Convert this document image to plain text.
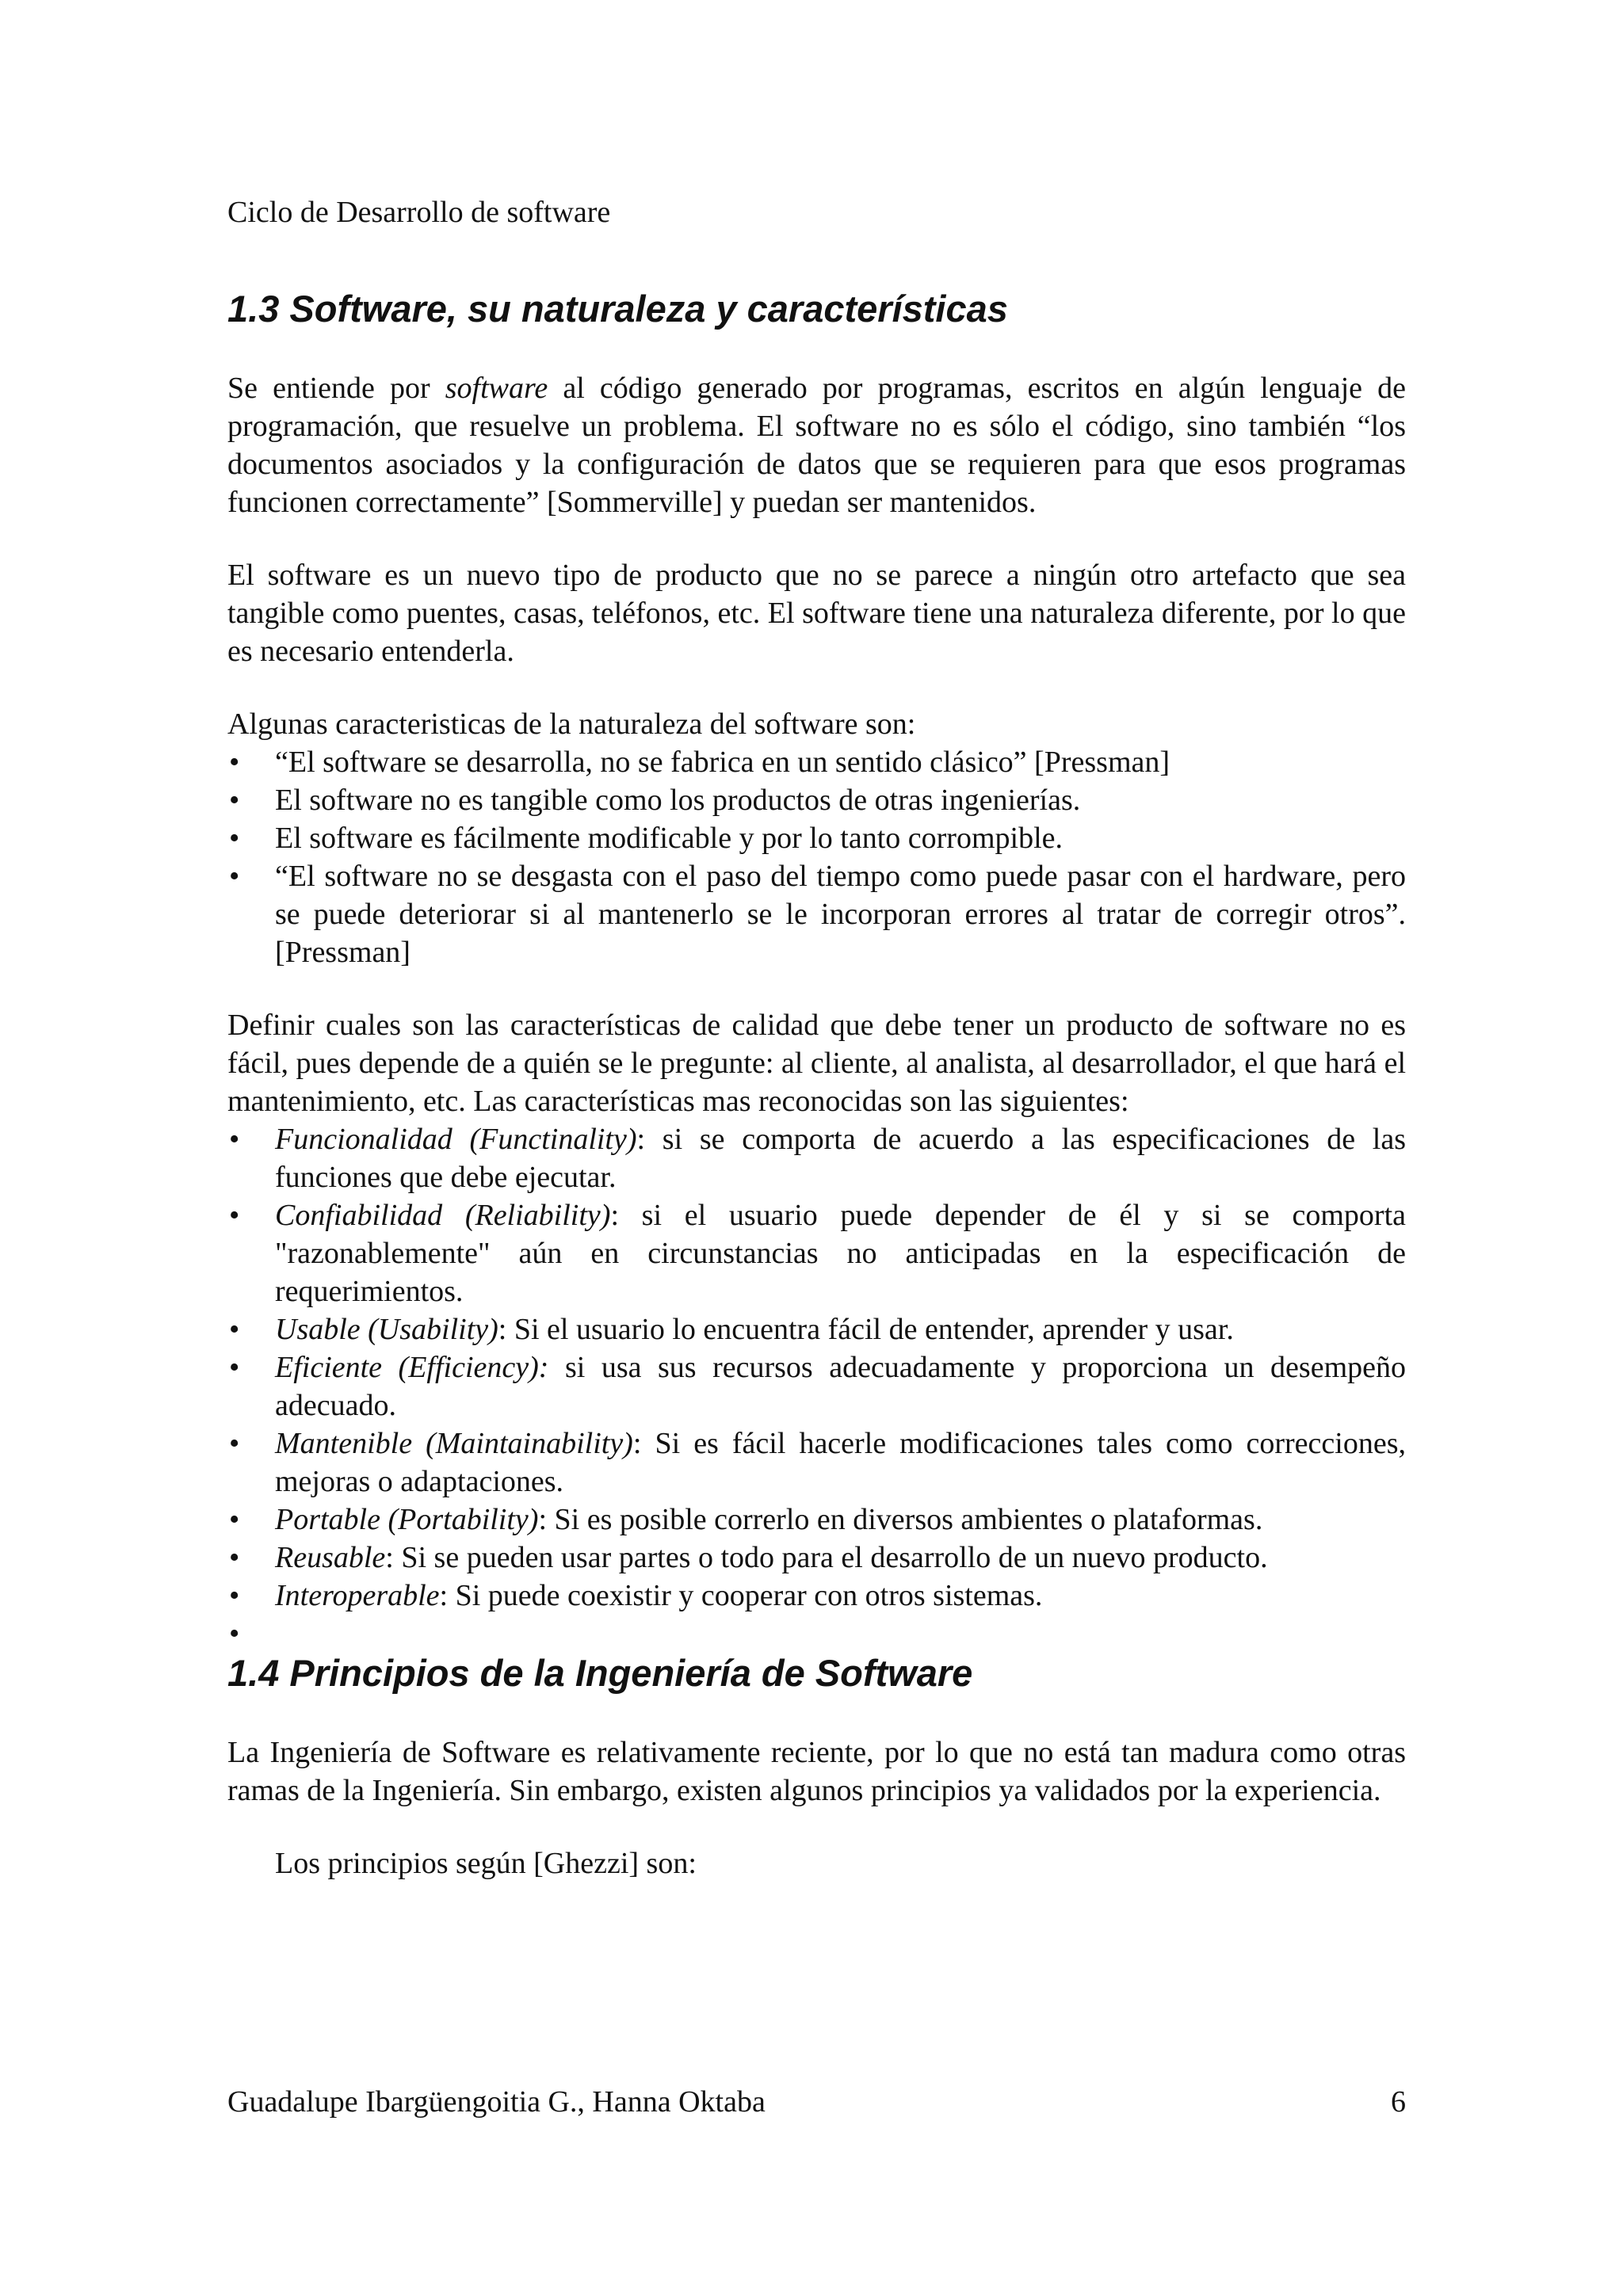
Ciclo de Desarrollo de software
1.3 Software, su naturaleza y características

Se entiende por software al código generado por programas, escritos en algún lenguaje de programación, que resuelve un problema. El software no es sólo el código, sino también “los documentos asociados y la configuración de datos que se requieren para que esos programas funcionen correctamente” [Sommerville] y puedan ser mantenidos.

El software es un nuevo tipo de producto que no se parece a ningún otro artefacto que sea tangible como puentes, casas, teléfonos, etc. El software tiene una naturaleza diferente, por lo que es necesario entenderla.

Algunas caracteristicas de la naturaleza del software son:

• “El software se desarrolla, no se fabrica en un sentido clásico” [Pressman]
• El software no es tangible como los productos de otras ingenierías.
• El software es fácilmente modificable y por lo tanto corrompible.
• “El software no se desgasta con el paso del tiempo como puede pasar con el hardware, pero se puede deteriorar si al mantenerlo se le incorporan errores al tratar de corregir otros”. [Pressman]

Definir cuales son las características de calidad que debe tener un producto de software no es fácil, pues depende de a quién se le pregunte: al cliente, al analista, al desarrollador, el que hará el mantenimiento, etc. Las características mas reconocidas son las siguientes:

• Funcionalidad (Functinality): si se comporta de acuerdo a las especificaciones de las funciones que debe ejecutar.
• Confiabilidad (Reliability): si el usuario puede depender de él y si se comporta "razonablemente" aún en circunstancias no anticipadas en la especificación de requerimientos.
• Usable (Usability): Si el usuario lo encuentra fácil de entender, aprender y usar.
• Eficiente (Efficiency): si usa sus recursos adecuadamente y proporciona un desempeño adecuado.
• Mantenible (Maintainability): Si es fácil hacerle modificaciones tales como correcciones, mejoras o adaptaciones.
• Portable (Portability): Si es posible correrlo en diversos ambientes o plataformas.
• Reusable: Si se pueden usar partes o todo para el desarrollo de un nuevo producto.
• Interoperable: Si puede coexistir y cooperar con otros sistemas.
1.4 Principios de la Ingeniería de Software

La Ingeniería de Software es relativamente reciente, por lo que no está tan madura como otras ramas de la Ingeniería. Sin embargo, existen algunos principios ya validados por la experiencia.

Los principios según [Ghezzi] son:

Guadalupe Ibargüengoitia G., Hanna Oktaba	6
